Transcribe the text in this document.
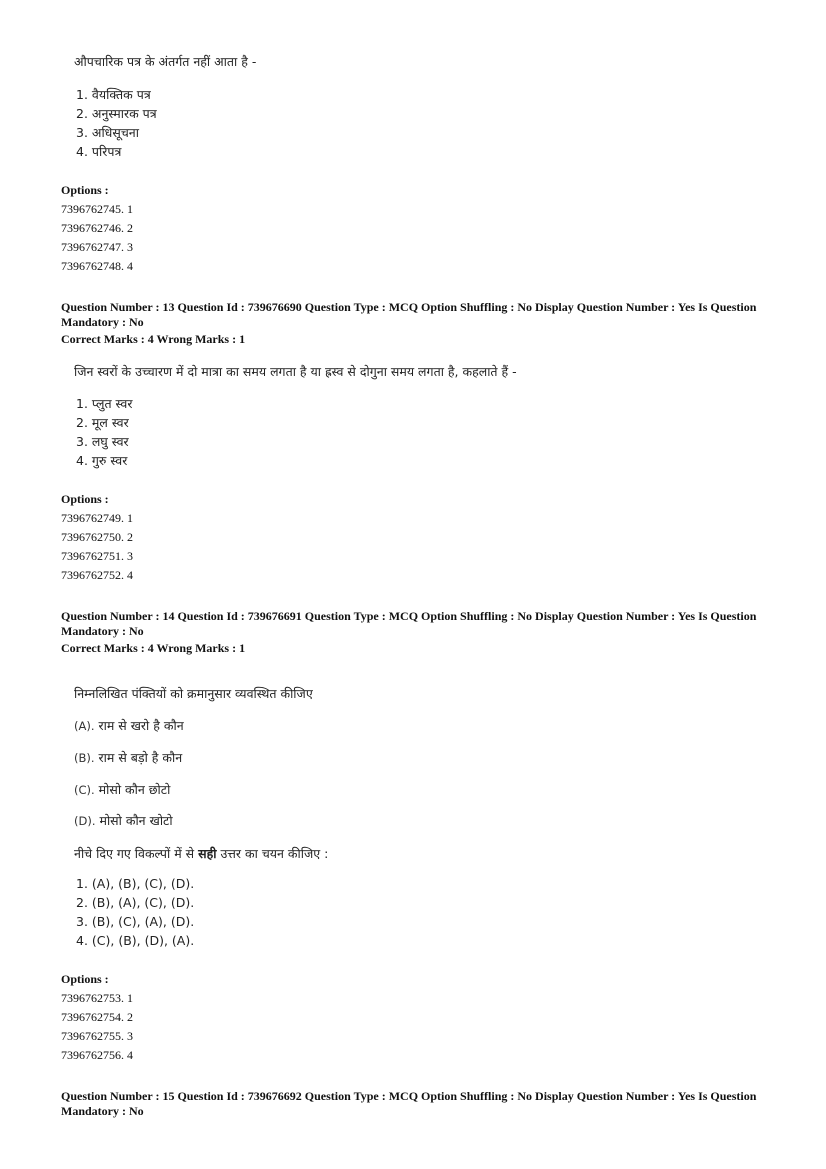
औपचारिक पत्र के अंतर्गत नहीं आता है -
1. वैयक्तिक पत्र
2. अनुस्मारक पत्र
3. अधिसूचना
4. परिपत्र
Options :
7396762745. 1
7396762746. 2
7396762747. 3
7396762748. 4
Question Number : 13 Question Id : 739676690 Question Type : MCQ Option Shuffling : No Display Question Number : Yes Is Question Mandatory : No
Correct Marks : 4 Wrong Marks : 1
जिन स्वरों के उच्चारण में दो मात्रा का समय लगता है या ह्रस्व से दोगुना समय लगता है, कहलाते हैं -
1. प्लुत स्वर
2. मूल स्वर
3. लघु स्वर
4. गुरु स्वर
Options :
7396762749. 1
7396762750. 2
7396762751. 3
7396762752. 4
Question Number : 14 Question Id : 739676691 Question Type : MCQ Option Shuffling : No Display Question Number : Yes Is Question Mandatory : No
Correct Marks : 4 Wrong Marks : 1
निम्नलिखित पंक्तियों को क्रमानुसार व्यवस्थित कीजिए
(A). राम से खरो है कौन
(B). राम से बड़ो है कौन
(C). मोसो कौन छोटो
(D). मोसो कौन खोटो
नीचे दिए गए विकल्पों में से सही उत्तर का चयन कीजिए :
1. (A), (B), (C), (D).
2. (B), (A), (C), (D).
3. (B), (C), (A), (D).
4. (C), (B), (D), (A).
Options :
7396762753. 1
7396762754. 2
7396762755. 3
7396762756. 4
Question Number : 15 Question Id : 739676692 Question Type : MCQ Option Shuffling : No Display Question Number : Yes Is Question Mandatory : No
